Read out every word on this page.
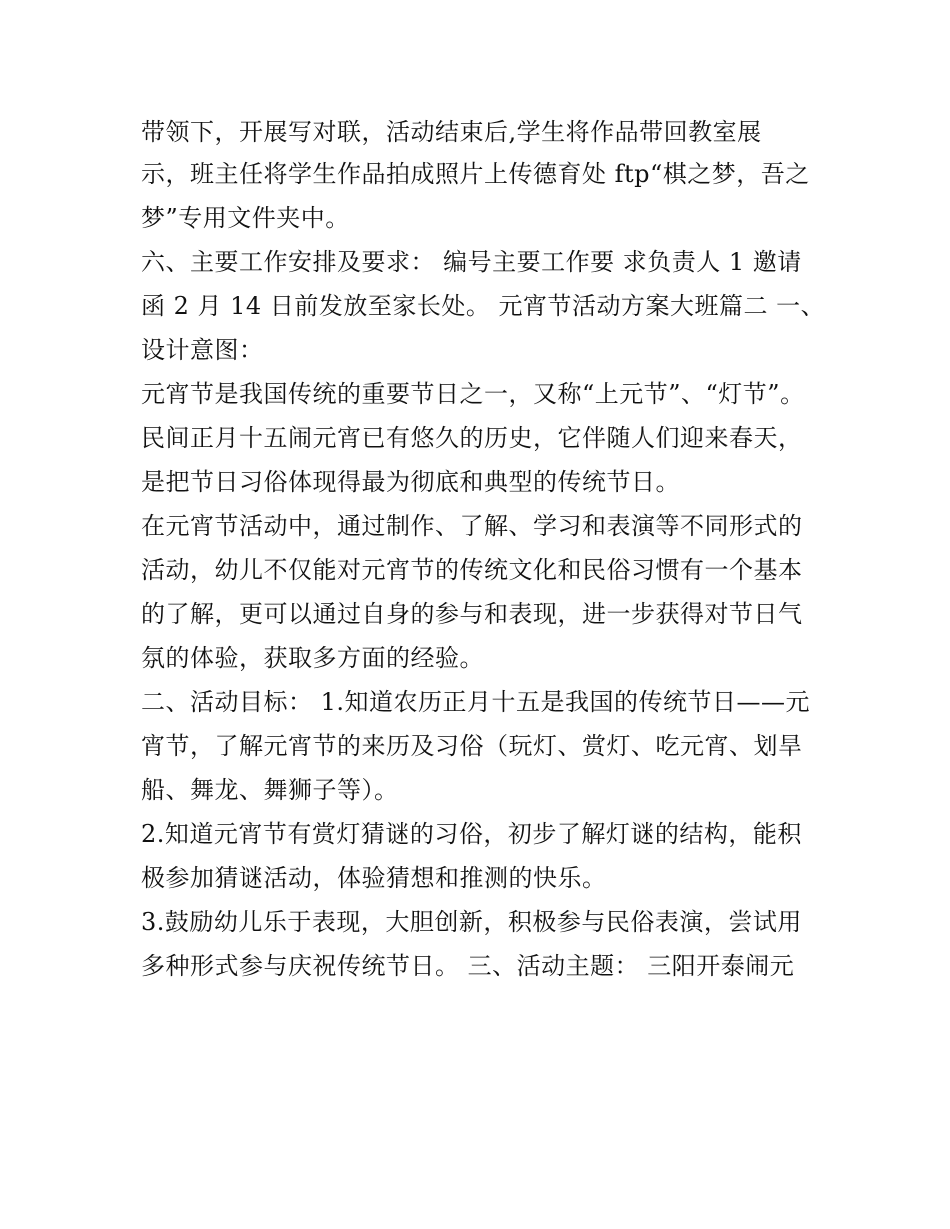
带领下，开展写对联，活动结束后,学生将作品带回教室展
示，班主任将学生作品拍成照片上传德育处 ftp“棋之梦，吾之
梦”专用文件夹中。
六、主要工作安排及要求： 编号主要工作要 求负责人 1 邀请
函 2 月 14 日前发放至家长处。 元宵节活动方案大班篇二 一、
设计意图：
元宵节是我国传统的重要节日之一，又称“上元节”、“灯节”。
民间正月十五闹元宵已有悠久的历史，它伴随人们迎来春天，
是把节日习俗体现得最为彻底和典型的传统节日。
在元宵节活动中，通过制作、了解、学习和表演等不同形式的
活动，幼儿不仅能对元宵节的传统文化和民俗习惯有一个基本
的了解，更可以通过自身的参与和表现，进一步获得对节日气
氛的体验，获取多方面的经验。
二、活动目标： 1.知道农历正月十五是我国的传统节日——元
宵节，了解元宵节的来历及习俗（玩灯、赏灯、吃元宵、划旱
船、舞龙、舞狮子等）。
2.知道元宵节有赏灯猜谜的习俗，初步了解灯谜的结构，能积
极参加猜谜活动，体验猜想和推测的快乐。
3.鼓励幼儿乐于表现，大胆创新，积极参与民俗表演，尝试用
多种形式参与庆祝传统节日。 三、活动主题： 三阳开泰闹元
